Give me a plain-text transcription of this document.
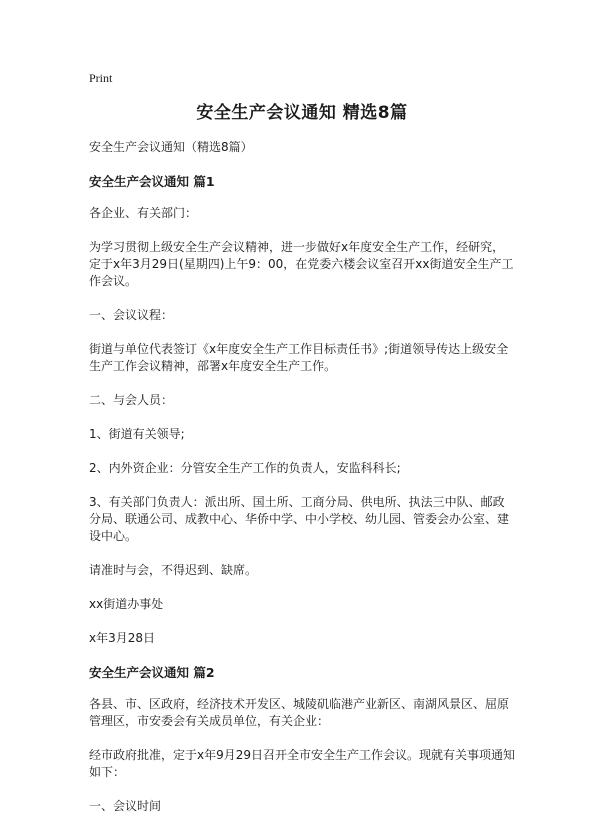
Print
安全生产会议通知 精选8篇
安全生产会议通知（精选8篇）
安全生产会议通知 篇1
各企业、有关部门：
为学习贯彻上级安全生产会议精神，进一步做好x年度安全生产工作，经研究，定于x年3月29日(星期四)上午9：00，在党委六楼会议室召开xx街道安全生产工作会议。
一、会议议程：
街道与单位代表签订《x年度安全生产工作目标责任书》;街道领导传达上级安全生产工作会议精神，部署x年度安全生产工作。
二、与会人员：
1、街道有关领导;
2、内外资企业：分管安全生产工作的负责人，安监科科长;
3、有关部门负责人：派出所、国土所、工商分局、供电所、执法三中队、邮政分局、联通公司、成教中心、华侨中学、中小学校、幼儿园、管委会办公室、建设中心。
请准时与会，不得迟到、缺席。
xx街道办事处
x年3月28日
安全生产会议通知 篇2
各县、市、区政府，经济技术开发区、城陵矶临港产业新区、南湖风景区、屈原管理区，市安委会有关成员单位，有关企业：
经市政府批准，定于x年9月29日召开全市安全生产工作会议。现就有关事项通知如下：
一、会议时间
